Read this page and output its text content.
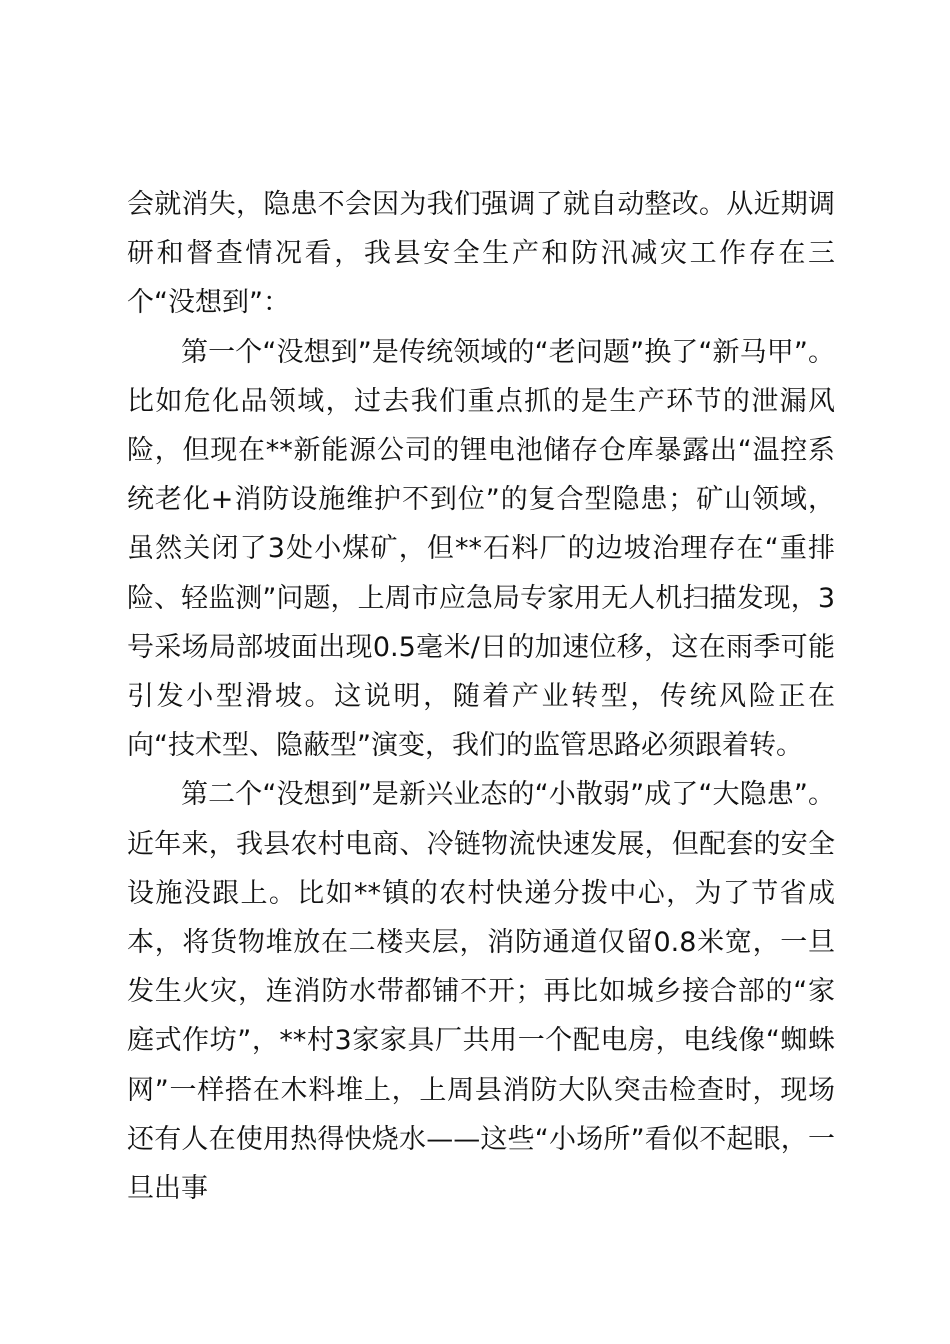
会就消失，隐患不会因为我们强调了就自动整改。从近期调研和督查情况看，我县安全生产和防汛减灾工作存在三个“没想到”：

第一个“没想到”是传统领域的“老问题”换了“新马甲”。比如危化品领域，过去我们重点抓的是生产环节的泄漏风险，但现在**新能源公司的锂电池储存仓库暴露出“温控系统老化+消防设施维护不到位”的复合型隐患；矿山领域，虽然关闭了3处小煤矿，但**石料厂的边坡治理存在“重排险、轻监测”问题，上周市应急局专家用无人机扫描发现，3号采场局部坡面出现0.5毫米/日的加速位移，这在雨季可能引发小型滑坡。这说明，随着产业转型，传统风险正在向“技术型、隐蔽型”演变，我们的监管思路必须跟着转。

第二个“没想到”是新兴业态的“小散弱”成了“大隐患”。近年来，我县农村电商、冷链物流快速发展，但配套的安全设施没跟上。比如**镇的农村快递分拨中心，为了节省成本，将货物堆放在二楼夹层，消防通道仅留0.8米宽，一旦发生火灾，连消防水带都铺不开；再比如城乡接合部的“家庭式作坊”，**村3家家具厂共用一个配电房，电线像“蜘蛛网”一样搭在木料堆上，上周县消防大队突击检查时，现场还有人在使用热得快烧水——这些“小场所”看似不起眼，一旦出事
